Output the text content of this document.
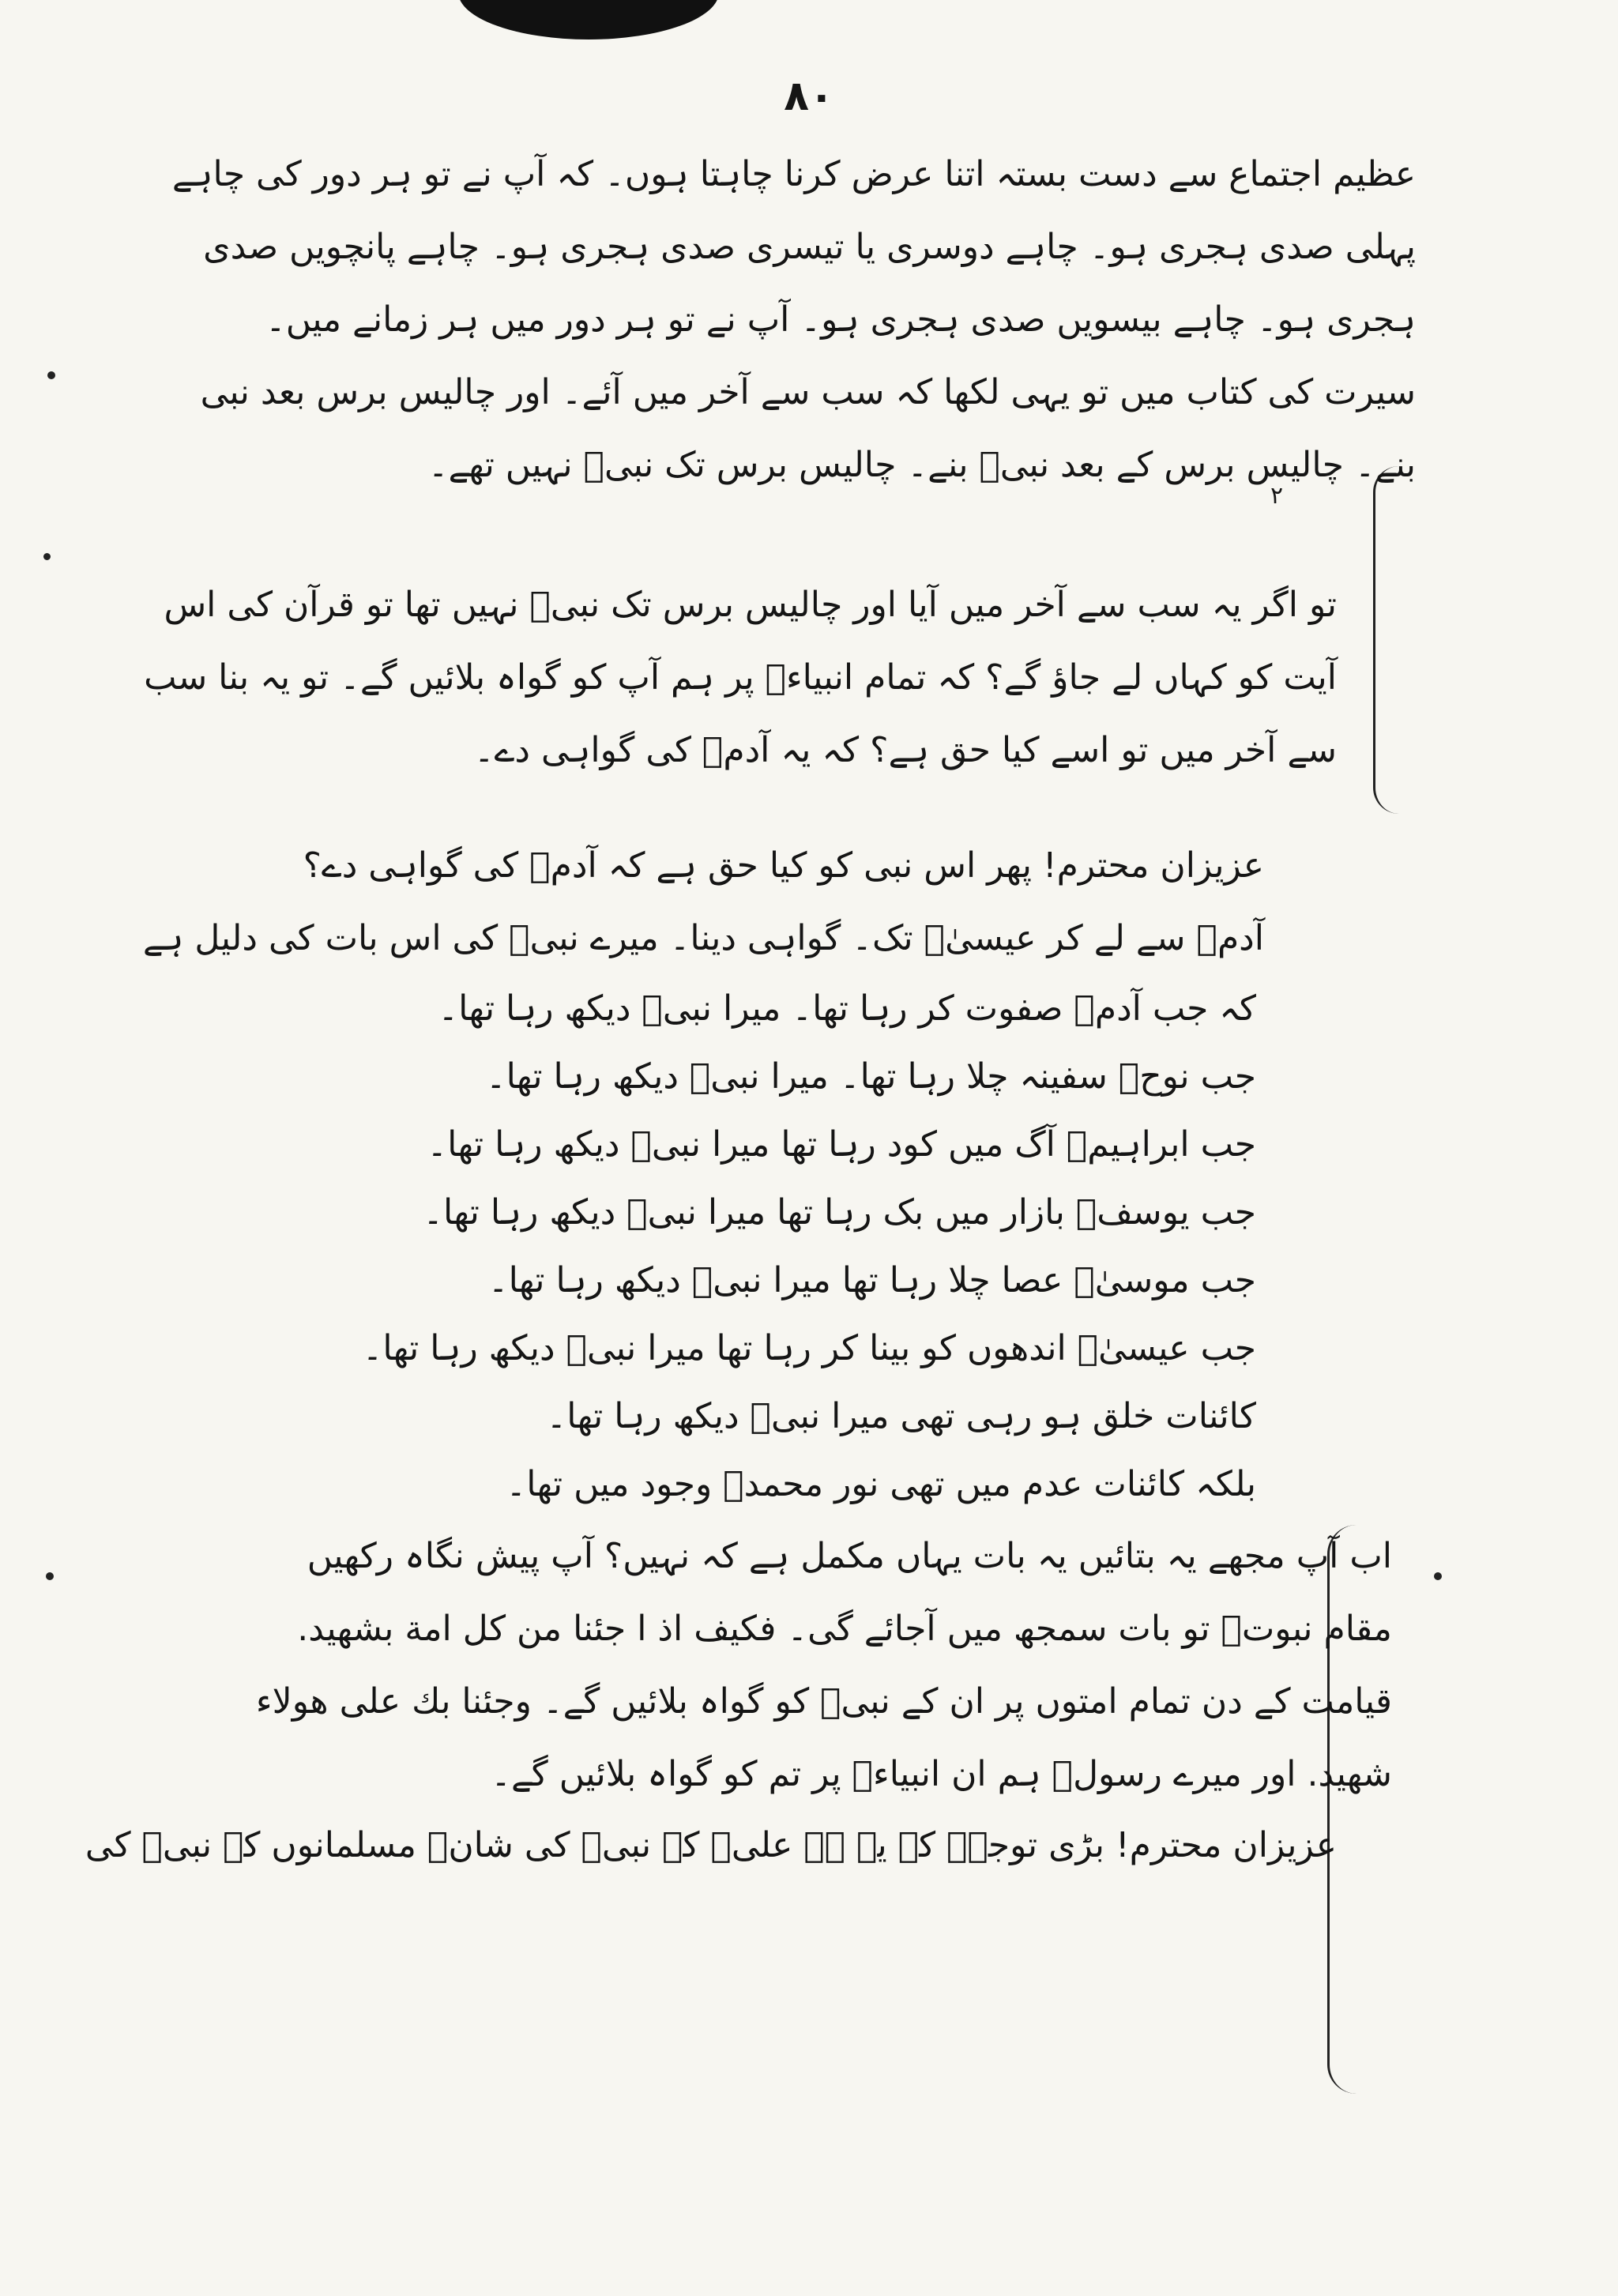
۸۰
۲
عظیم اجتماع سے دست بستہ اتنا عرض کرنا چاہتا ہوں۔ کہ آپ نے تو ہر دور کی چاہے
پہلی صدی ہجری ہو۔ چاہے دوسری یا تیسری صدی ہجری ہو۔ چاہے پانچویں صدی
ہجری ہو۔ چاہے بیسویں صدی ہجری ہو۔ آپ نے تو ہر دور میں ہر زمانے میں۔
سیرت کی کتاب میں تو یہی لکھا کہ سب سے آخر میں آئے۔ اور چالیس برس بعد نبی
بنے۔ چالیس برس کے بعد نبیؐ بنے۔ چالیس برس تک نبیؐ نہیں تھے۔
تو اگر یہ سب سے آخر میں آیا اور چالیس برس تک نبیؐ نہیں تھا تو قرآن کی اس
آیت کو کہاں لے جاؤ گے؟ کہ تمام انبیاءؑ پر ہم آپ کو گواہ بلائیں گے۔ تو یہ بنا سب
سے آخر میں تو اسے کیا حق ہے؟ کہ یہ آدمؑ کی گواہی دے۔
عزیزان محترم! پھر اس نبی کو کیا حق ہے کہ آدمؑ کی گواہی دے؟
آدمؑ سے لے کر عیسیٰؑ تک۔ گواہی دینا۔ میرے نبیؐ کی اس بات کی دلیل ہے
کہ جب آدمؑ صفوت کر رہا تھا۔ میرا نبیؐ دیکھ رہا تھا۔
جب نوحؑ سفینہ چلا رہا تھا۔ میرا نبیؐ دیکھ رہا تھا۔
جب ابراہیمؑ آگ میں کود رہا تھا میرا نبیؐ دیکھ رہا تھا۔
جب یوسفؑ بازار میں بک رہا تھا میرا نبیؐ دیکھ رہا تھا۔
جب موسیٰؑ عصا چلا رہا تھا میرا نبیؐ دیکھ رہا تھا۔
جب عیسیٰؑ اندھوں کو بینا کر رہا تھا میرا نبیؐ دیکھ رہا تھا۔
کائنات خلق ہو رہی تھی میرا نبیؐ دیکھ رہا تھا۔
بلکہ کائنات عدم میں تھی نور محمدؐ وجود میں تھا۔
اب آپ مجھے یہ بتائیں یہ بات یہاں مکمل ہے کہ نہیں؟ آپ پیش نگاہ رکھیں
مقام نبوتؐ تو بات سمجھ میں آجائے گی۔ فکیف اذ ا جئنا من کل امة بشهید.
قیامت کے دن تمام امتوں پر ان کے نبیؐ کو گواہ بلائیں گے۔ وجئنا بك علی هولاء
شهید. اور میرے رسولؐ ہم ان انبیاءؑ پر تم کو گواہ بلائیں گے۔
عزیزان محترم! بڑی توجہ۔ کہ یہ ہے علیؑ کے نبیؐ کی شان۔ مسلمانوں کے نبیؐ کی
